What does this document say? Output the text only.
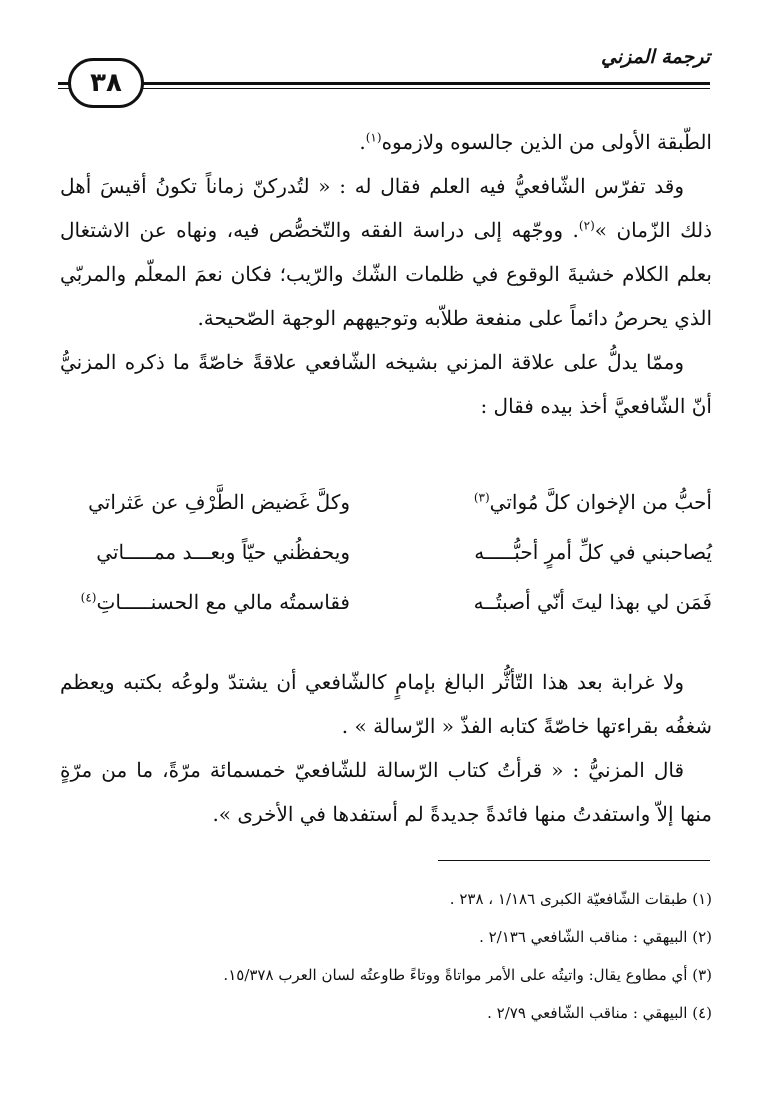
ترجمة المزني
٣٨

الطّبقة الأولى من الذين جالسوه ولازموه$^{(١)}$.

وقد تفرّس الشّافعيُّ فيه العلم فقال له : « لتُدركنّ زماناً تكونُ أقيسَ أهل ذلك الزّمان »$^{(٢)}$. ووجّهه إلى دراسة الفقه والتّخصُّص فيه، ونهاه عن الاشتغال بعلم الكلام خشيةَ الوقوع في ظلمات الشّك والرّيب؛ فكان نعمَ المعلّم والمربّي الذي يحرصُ دائماً على منفعة طلاّبه وتوجيههم الوجهة الصّحيحة.

وممّا يدلُّ على علاقة المزني بشيخه الشّافعي علاقةً خاصّةً ما ذكره المزنيُّ أنّ الشّافعيَّ أخذ بيده فقال :

أحبُّ من الإخوان كلَّ مُواتي$^{(٣)}$
وكلَّ غَضيض الطَّرْفِ عن عَثراتي
يُصاحبني في كلِّ أمرٍ أحبُّـــــه
ويحفظُني حيّاً وبعـــد ممـــــاتي
فَمَن لي بهذا ليتَ أنّي أصبتُــه
فقاسمتُه مالي مع الحسنـــــاتِ$^{(٤)}$

ولا غرابة بعد هذا التّأثُّر البالغ بإمامٍ كالشّافعي أن يشتدّ ولوعُه بكتبه ويعظم شغفُه بقراءتها خاصّةً كتابه الفذّ « الرّسالة » .

قال المزنيُّ : « قرأتُ كتاب الرّسالة للشّافعيّ خمسمائة مرّةً، ما من مرّةٍ منها إلاّ واستفدتُ منها فائدةً جديدةً لم أستفدها في الأخرى ».

(١) طبقات الشّافعيّة الكبرى ١/١٨٦ ، ٢٣٨ .

(٢) البيهقي : مناقب الشّافعي ٢/١٣٦ .

(٣) أي مطاوع يقال: واتيتُه على الأمر مواتاةً ووتاءً طاوعتُه لسان العرب ١٥/٣٧٨.

(٤) البيهقي : مناقب الشّافعي ٢/٧٩ .
